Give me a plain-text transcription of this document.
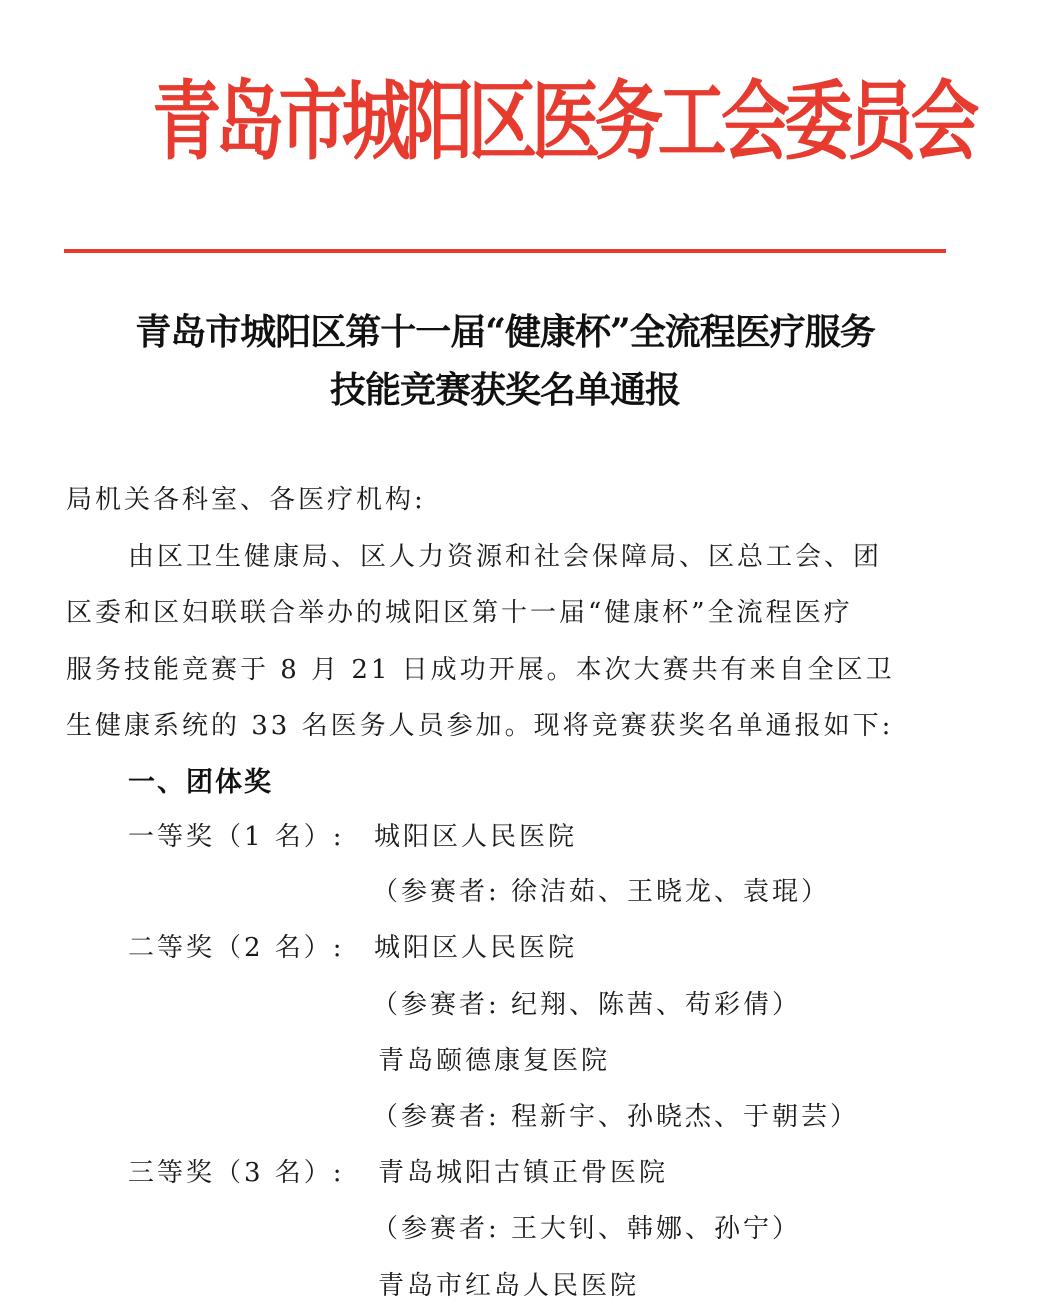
青岛市城阳区医务工会委员会
青岛市城阳区第十一届“健康杯”全流程医疗服务
技能竞赛获奖名单通报
局机关各科室、各医疗机构:
由区卫生健康局、区人力资源和社会保障局、区总工会、团
区委和区妇联联合举办的城阳区第十一届“健康杯”全流程医疗
服务技能竞赛于 8 月 21 日成功开展。本次大赛共有来自全区卫
生健康系统的 33 名医务人员参加。现将竞赛获奖名单通报如下:
一、团体奖
一等奖（1 名）: 城阳区人民医院
（参赛者: 徐洁茹、王晓龙、袁琨）
二等奖（2 名）: 城阳区人民医院
（参赛者: 纪翔、陈茜、苟彩倩）
青岛颐德康复医院
（参赛者: 程新宇、孙晓杰、于朝芸）
三等奖（3 名）: 青岛城阳古镇正骨医院
（参赛者: 王大钊、韩娜、孙宁）
青岛市红岛人民医院
